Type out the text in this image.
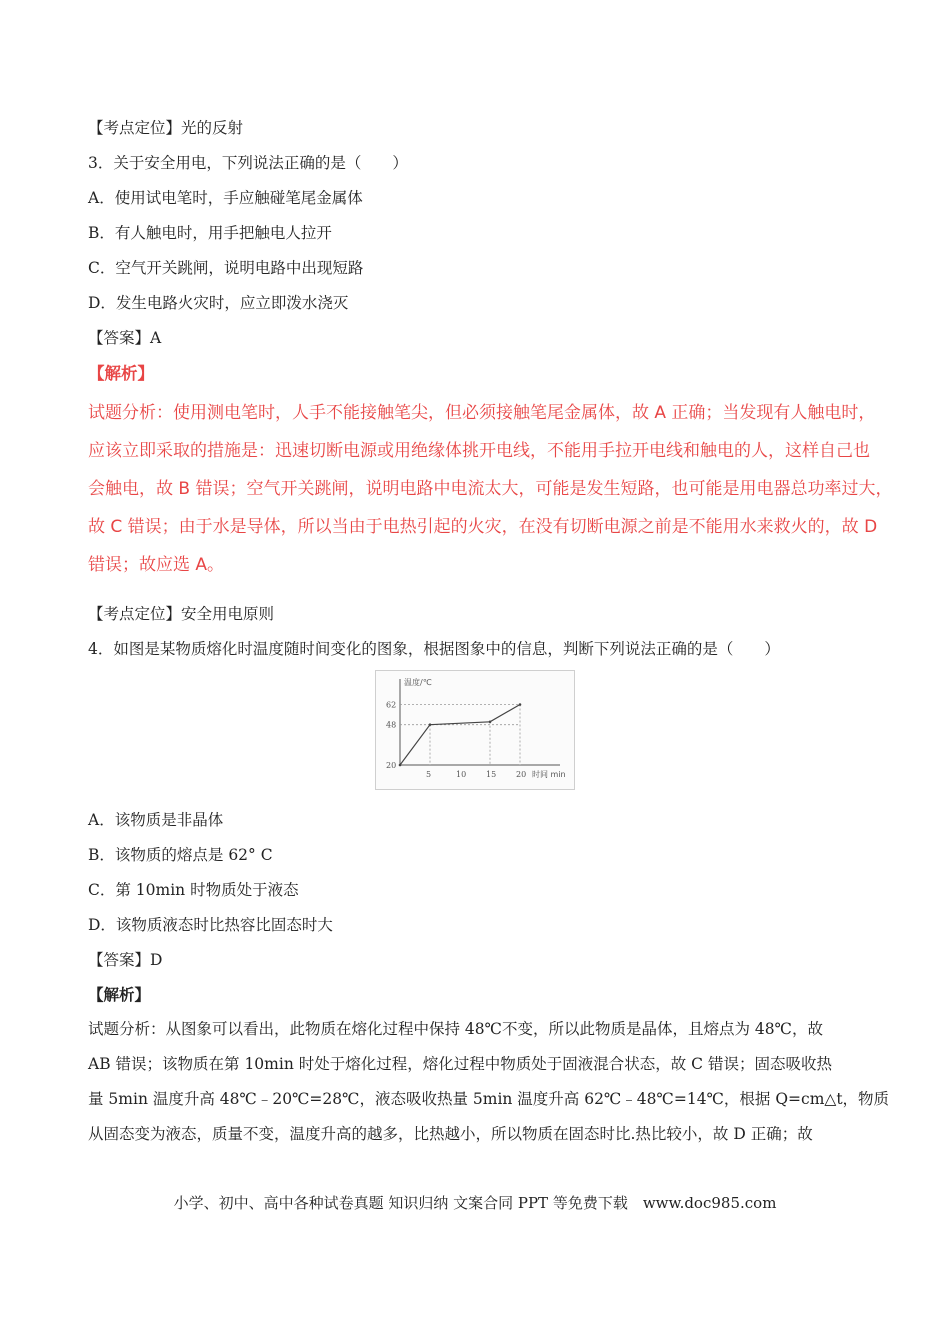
【考点定位】光的反射
3．关于安全用电，下列说法正确的是（　　）
A．使用试电笔时，手应触碰笔尾金属体
B．有人触电时，用手把触电人拉开
C．空气开关跳闸，说明电路中出现短路
D．发生电路火灾时，应立即泼水浇灭
【答案】A
【解析】

试题分析：使用测电笔时，人手不能接触笔尖，但必须接触笔尾金属体，故 A 正确；当发现有人触电时，

应该立即采取的措施是：迅速切断电源或用绝缘体挑开电线，不能用手拉开电线和触电的人，这样自己也

会触电，故 B 错误；空气开关跳闸，说明电路中电流太大，可能是发生短路，也可能是用电器总功率过大，

故 C 错误；由于水是导体，所以当由于电热引起的火灾，在没有切断电源之前是不能用水来救火的，故 D

错误；故应选 A。

【考点定位】安全用电原则
4．如图是某物质熔化时温度随时间变化的图象，根据图象中的信息，判断下列说法正确的是（　　）
温度/℃
时间 min
20
48
62
5	10 15 20
A．该物质是非晶体
B．该物质的熔点是 62° C
C．第 10min 时物质处于液态
D．该物质液态时比热容比固态时大
【答案】D
【解析】

试题分析：从图象可以看出，此物质在熔化过程中保持 48℃不变，所以此物质是晶体，且熔点为 48℃，故

AB 错误；该物质在第 10min 时处于熔化过程，熔化过程中物质处于固液混合状态，故 C 错误；固态吸收热

量 5min 温度升高 48℃﹣20℃=28℃，液态吸收热量 5min 温度升高 62℃﹣48℃=14℃，根据 Q=cm△t，物质

从固态变为液态，质量不变，温度升高的越多，比热越小，所以物质在固态时比.热比较小，故 D 正确；故

小学、初中、高中各种试卷真题 知识归纳 文案合同 PPT 等免费下载　www.doc985.com
